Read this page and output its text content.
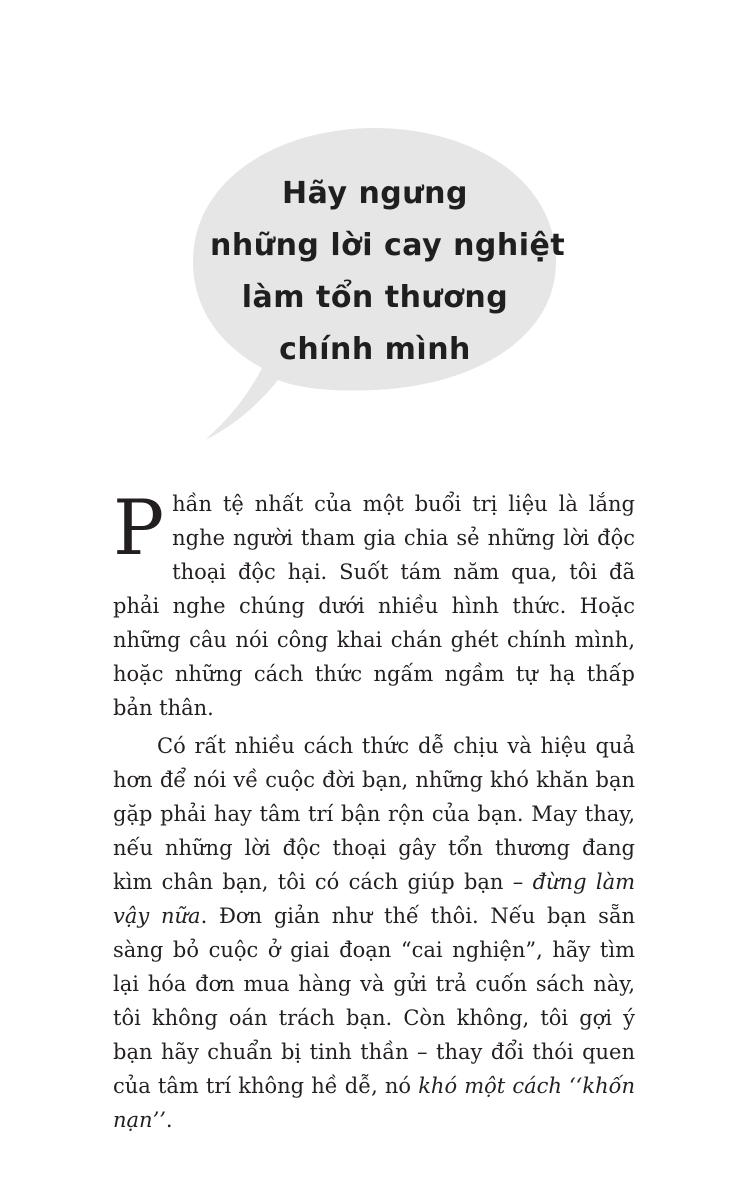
Hãy ngưng
những lời cay nghiệt
làm tổn thương
chính mình

Phần tệ nhất của một buổi trị liệu là lắng nghe người tham gia chia sẻ những lời độc thoại độc hại. Suốt tám năm qua, tôi đã phải nghe chúng dưới nhiều hình thức. Hoặc những câu nói công khai chán ghét chính mình, hoặc những cách thức ngấm ngầm tự hạ thấp bản thân.

Có rất nhiều cách thức dễ chịu và hiệu quả hơn để nói về cuộc đời bạn, những khó khăn bạn gặp phải hay tâm trí bận rộn của bạn. May thay, nếu những lời độc thoại gây tổn thương đang kìm chân bạn, tôi có cách giúp bạn – đừng làm vậy nữa. Đơn giản như thế thôi. Nếu bạn sẵn sàng bỏ cuộc ở giai đoạn “cai nghiện”, hãy tìm lại hóa đơn mua hàng và gửi trả cuốn sách này, tôi không oán trách bạn. Còn không, tôi gợi ý bạn hãy chuẩn bị tinh thần – thay đổi thói quen của tâm trí không hề dễ, nó khó một cách ‘‘khốn nạn’’.
